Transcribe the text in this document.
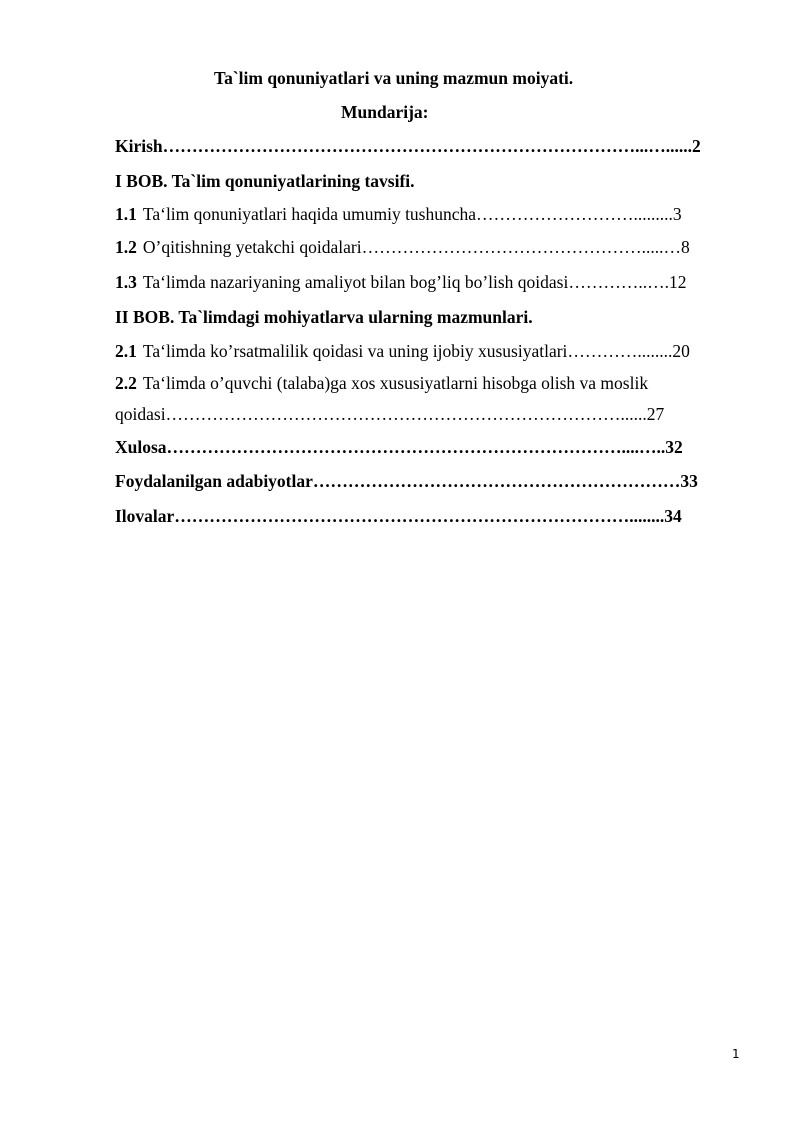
Ta`lim qonuniyatlari va uning mazmun moiyati.
Mundarija:
Kirish………………………………………………………………………...…......2
I BOB. Ta`lim qonuniyatlarining tavsifi.
1.1 Ta‘lim qonuniyatlari haqida umumiy tushuncha……………………….........3
1.2 O’qitishning yetakchi qoidalari………………………………………….....…8
1.3 Ta‘limda nazariyaning amaliyot bilan bog’liq bo’lish qoidasi…………..….12
II BOB. Ta`limdagi mohiyatlarva ularning mazmunlari.
2.1 Ta‘limda ko’rsatmalilik qoidasi va uning ijobiy xususiyatlari…………........20
2.2 Ta‘limda o’quvchi (talaba)ga xos xususiyatlarni hisobga olish va moslik
qoidasi……………………………………………………………………......27
Xulosa……………………………………………………………………....…..32
Foydalanilgan adabiyotlar………………………………………………………33
Ilovalar……………………………………………………………………........34
1
